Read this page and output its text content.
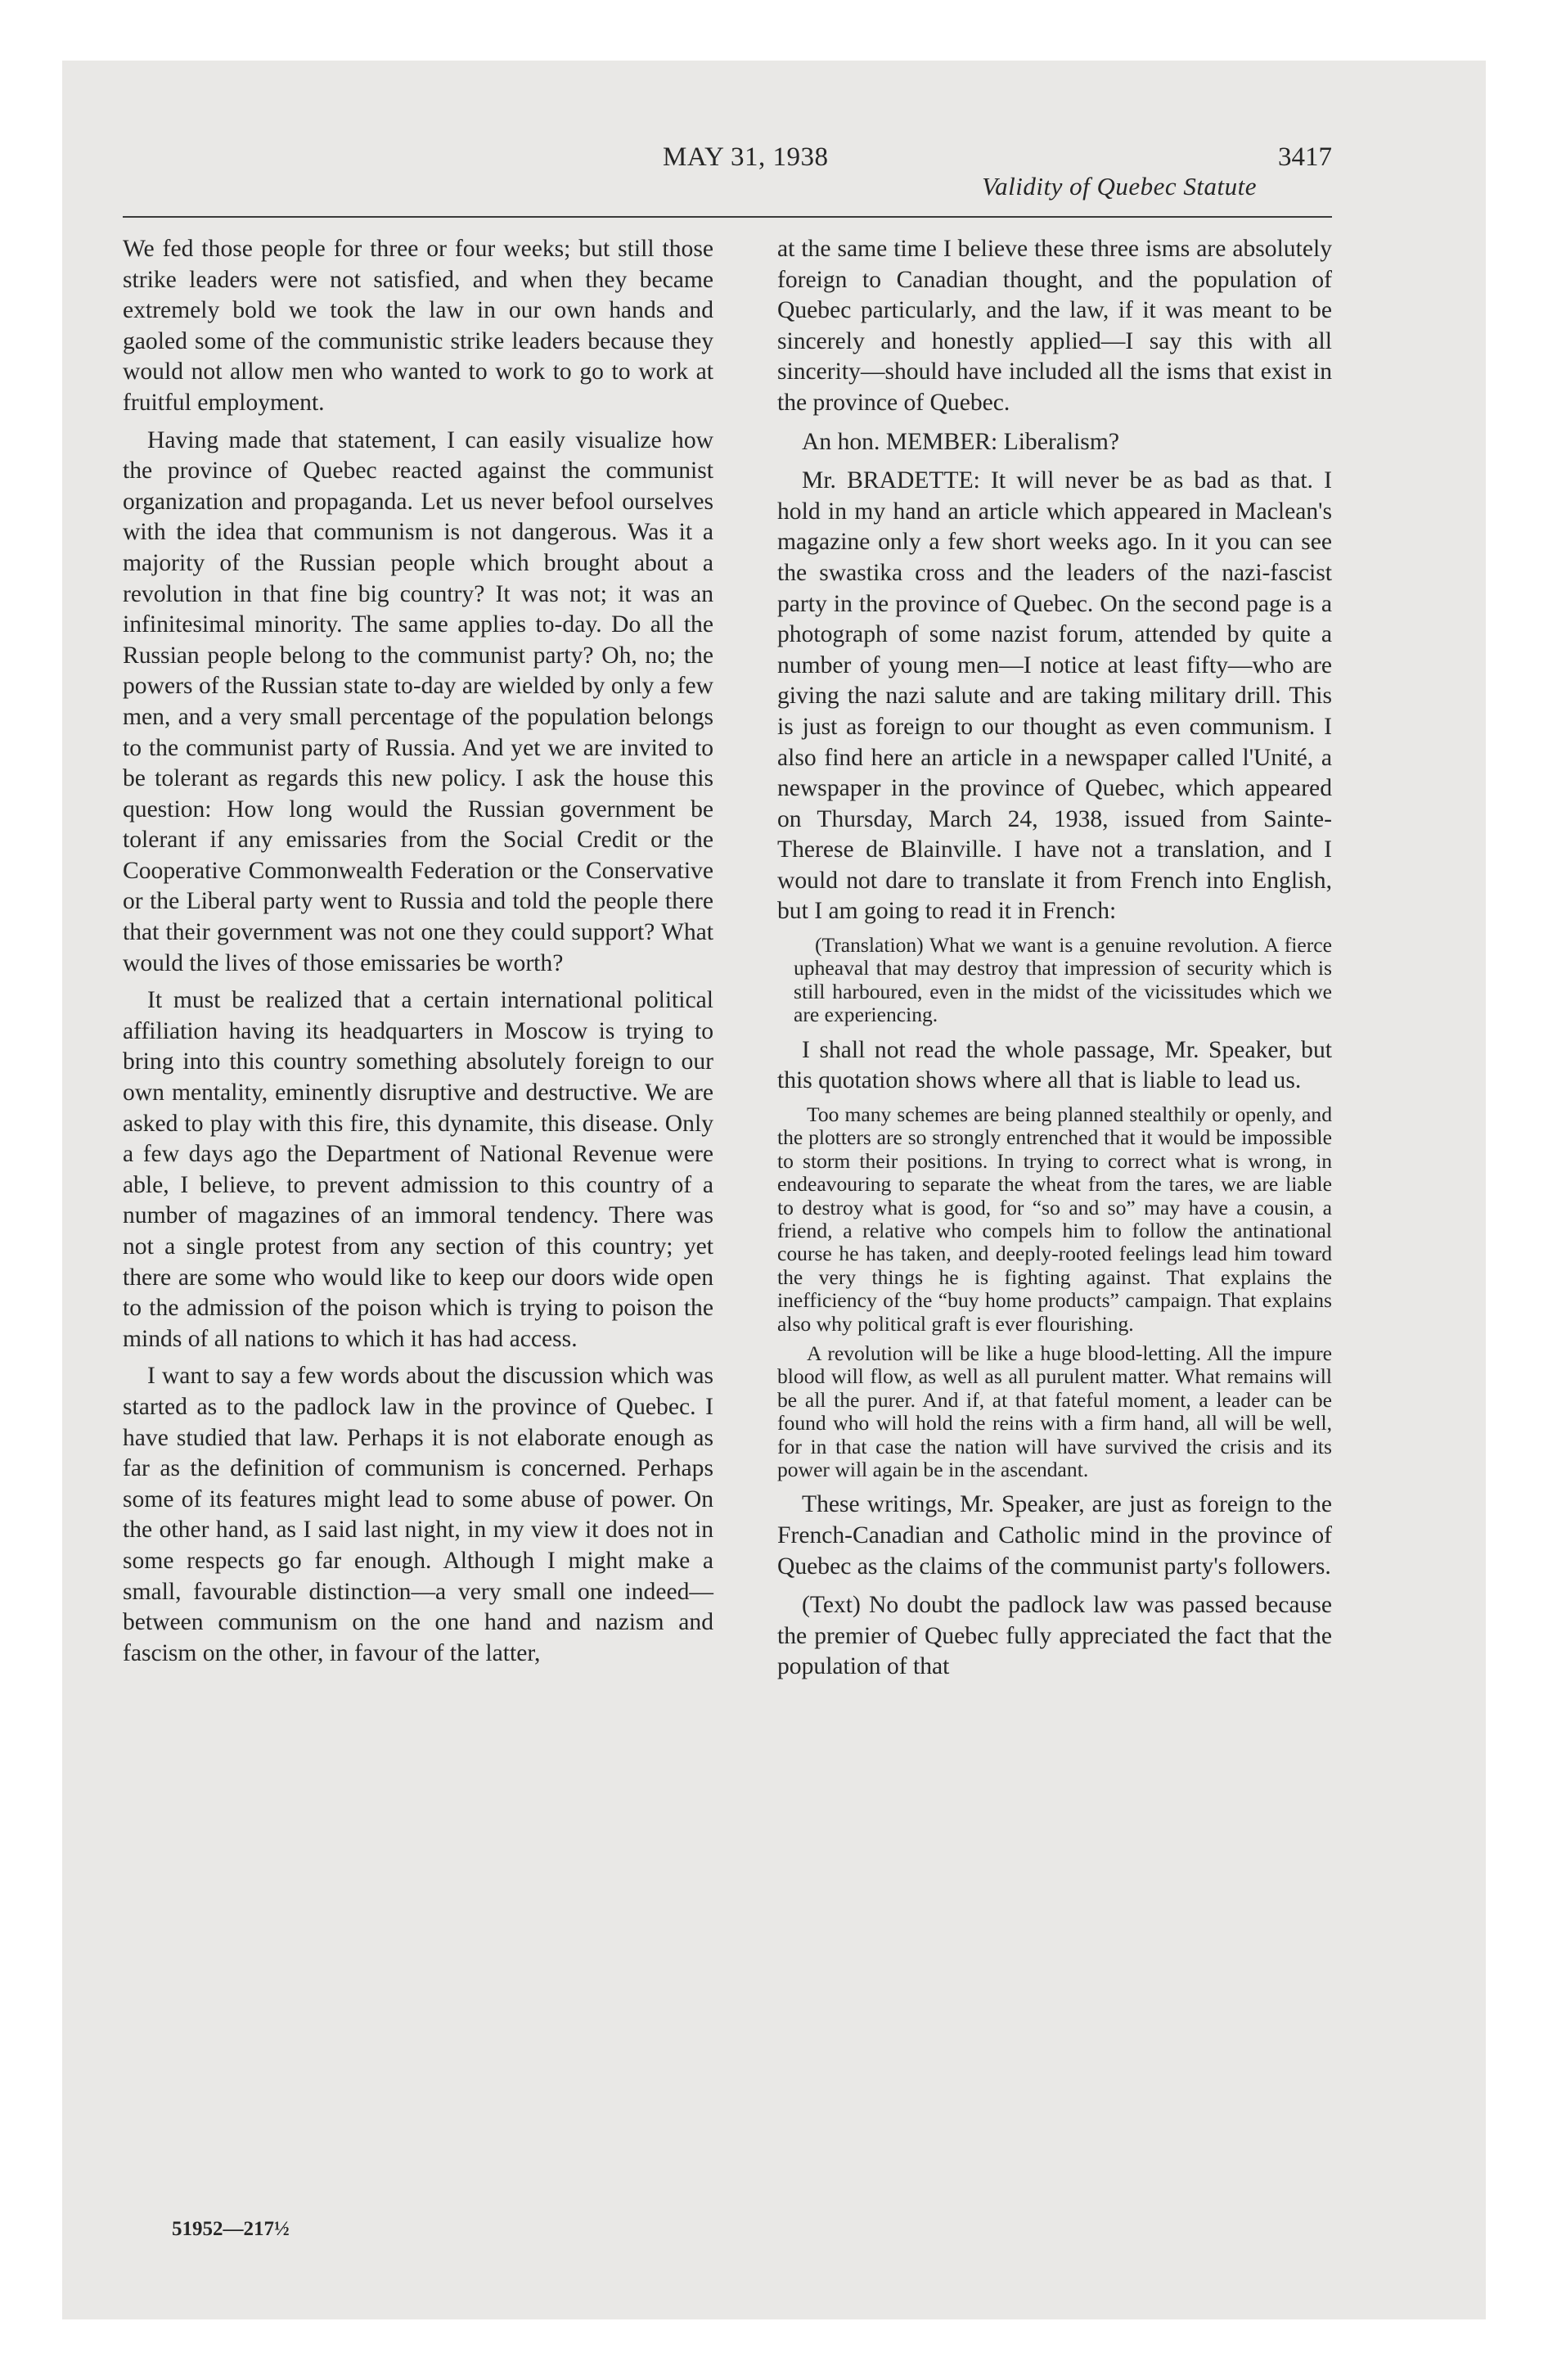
MAY 31, 1938	3417
Validity of Quebec Statute

We fed those people for three or four weeks; but still those strike leaders were not satisfied, and when they became extremely bold we took the law in our own hands and gaoled some of the communistic strike leaders because they would not allow men who wanted to work to go to work at fruitful employment.

Having made that statement, I can easily visualize how the province of Quebec reacted against the communist organization and propaganda. Let us never befool ourselves with the idea that communism is not dangerous. Was it a majority of the Russian people which brought about a revolution in that fine big country? It was not; it was an infinitesimal minority. The same applies to-day. Do all the Russian people belong to the communist party? Oh, no; the powers of the Russian state to-day are wielded by only a few men, and a very small percentage of the population belongs to the communist party of Russia. And yet we are invited to be tolerant as regards this new policy. I ask the house this question: How long would the Russian government be tolerant if any emissaries from the Social Credit or the Cooperative Commonwealth Federation or the Conservative or the Liberal party went to Russia and told the people there that their government was not one they could support? What would the lives of those emissaries be worth?

It must be realized that a certain international political affiliation having its headquarters in Moscow is trying to bring into this country something absolutely foreign to our own mentality, eminently disruptive and destructive. We are asked to play with this fire, this dynamite, this disease. Only a few days ago the Department of National Revenue were able, I believe, to prevent admission to this country of a number of magazines of an immoral tendency. There was not a single protest from any section of this country; yet there are some who would like to keep our doors wide open to the admission of the poison which is trying to poison the minds of all nations to which it has had access.

I want to say a few words about the discussion which was started as to the padlock law in the province of Quebec. I have studied that law. Perhaps it is not elaborate enough as far as the definition of communism is concerned. Perhaps some of its features might lead to some abuse of power. On the other hand, as I said last night, in my view it does not in some respects go far enough. Although I might make a small, favourable distinction—a very small one indeed—between communism on the one hand and nazism and fascism on the other, in favour of the latter,

at the same time I believe these three isms are absolutely foreign to Canadian thought, and the population of Quebec particularly, and the law, if it was meant to be sincerely and honestly applied—I say this with all sincerity—should have included all the isms that exist in the province of Quebec.

An hon. MEMBER: Liberalism?

Mr. BRADETTE: It will never be as bad as that. I hold in my hand an article which appeared in Maclean's magazine only a few short weeks ago. In it you can see the swastika cross and the leaders of the nazi-fascist party in the province of Quebec. On the second page is a photograph of some nazist forum, attended by quite a number of young men—I notice at least fifty—who are giving the nazi salute and are taking military drill. This is just as foreign to our thought as even communism. I also find here an article in a newspaper called l'Unité, a newspaper in the province of Quebec, which appeared on Thursday, March 24, 1938, issued from Sainte-Therese de Blainville. I have not a translation, and I would not dare to translate it from French into English, but I am going to read it in French:

(Translation) What we want is a genuine revolution. A fierce upheaval that may destroy that impression of security which is still harboured, even in the midst of the vicissitudes which we are experiencing.

I shall not read the whole passage, Mr. Speaker, but this quotation shows where all that is liable to lead us.

Too many schemes are being planned stealthily or openly, and the plotters are so strongly entrenched that it would be impossible to storm their positions. In trying to correct what is wrong, in endeavouring to separate the wheat from the tares, we are liable to destroy what is good, for “so and so” may have a cousin, a friend, a relative who compels him to follow the antinational course he has taken, and deeply-rooted feelings lead him toward the very things he is fighting against. That explains the inefficiency of the “buy home products” campaign. That explains also why political graft is ever flourishing.

A revolution will be like a huge blood-letting. All the impure blood will flow, as well as all purulent matter. What remains will be all the purer. And if, at that fateful moment, a leader can be found who will hold the reins with a firm hand, all will be well, for in that case the nation will have survived the crisis and its power will again be in the ascendant.

These writings, Mr. Speaker, are just as foreign to the French-Canadian and Catholic mind in the province of Quebec as the claims of the communist party's followers.

(Text) No doubt the padlock law was passed because the premier of Quebec fully appreciated the fact that the population of that

51952—217½
